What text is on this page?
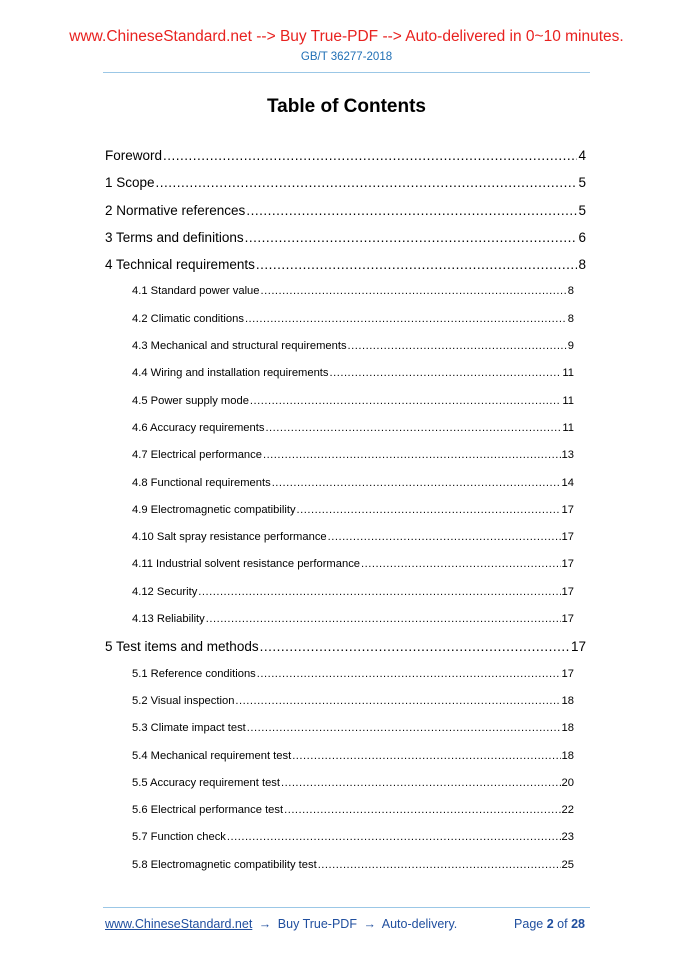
www.ChineseStandard.net --> Buy True-PDF --> Auto-delivered in 0~10 minutes.
GB/T 36277-2018
Table of Contents
Foreword .....	4
1 Scope .....	5
2 Normative references .....	5
3 Terms and definitions .....	6
4 Technical requirements .....	8
4.1 Standard power value .....	8
4.2 Climatic conditions .....	8
4.3 Mechanical and structural requirements .....	9
4.4 Wiring and installation requirements .....	11
4.5 Power supply mode .....	11
4.6 Accuracy requirements .....	11
4.7 Electrical performance .....	13
4.8 Functional requirements .....	14
4.9 Electromagnetic compatibility .....	17
4.10 Salt spray resistance performance .....	17
4.11 Industrial solvent resistance performance .....	17
4.12 Security .....	17
4.13 Reliability .....	17
5 Test items and methods .....	17
5.1 Reference conditions .....	17
5.2 Visual inspection .....	18
5.3 Climate impact test .....	18
5.4 Mechanical requirement test .....	18
5.5 Accuracy requirement test .....	20
5.6 Electrical performance test .....	22
5.7 Function check .....	23
5.8 Electromagnetic compatibility test .....	25
www.ChineseStandard.net → Buy True-PDF → Auto-delivery.	Page 2 of 28
